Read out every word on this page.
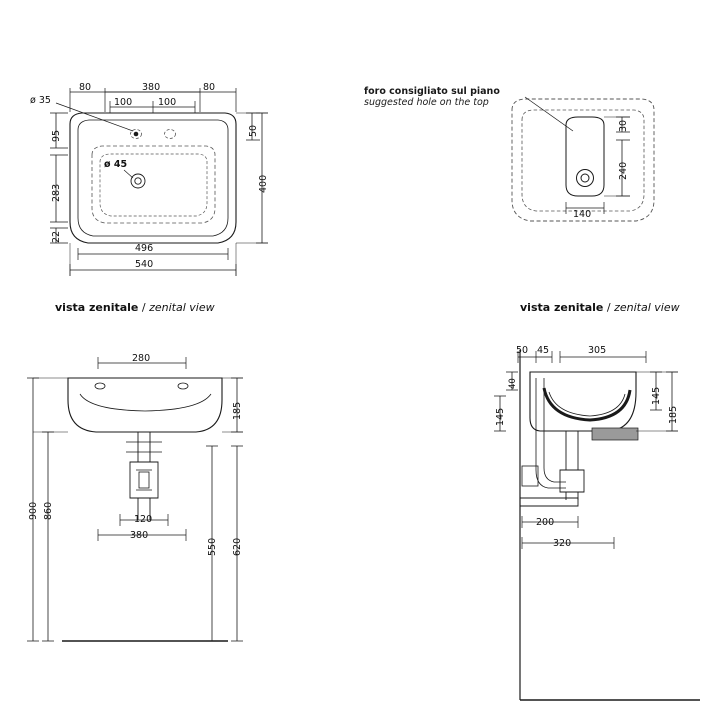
ø 35
80	380	80
100	100
95
ø 45
283
22
50
400
496
540
vista zenitale / zenital view
foro consigliato sul piano
suggested hole on the top
30
240
140
vista zenitale / zenital view
280
185
120
380
900 860
550 620
50 45	305
40
145
145
185
200
320
